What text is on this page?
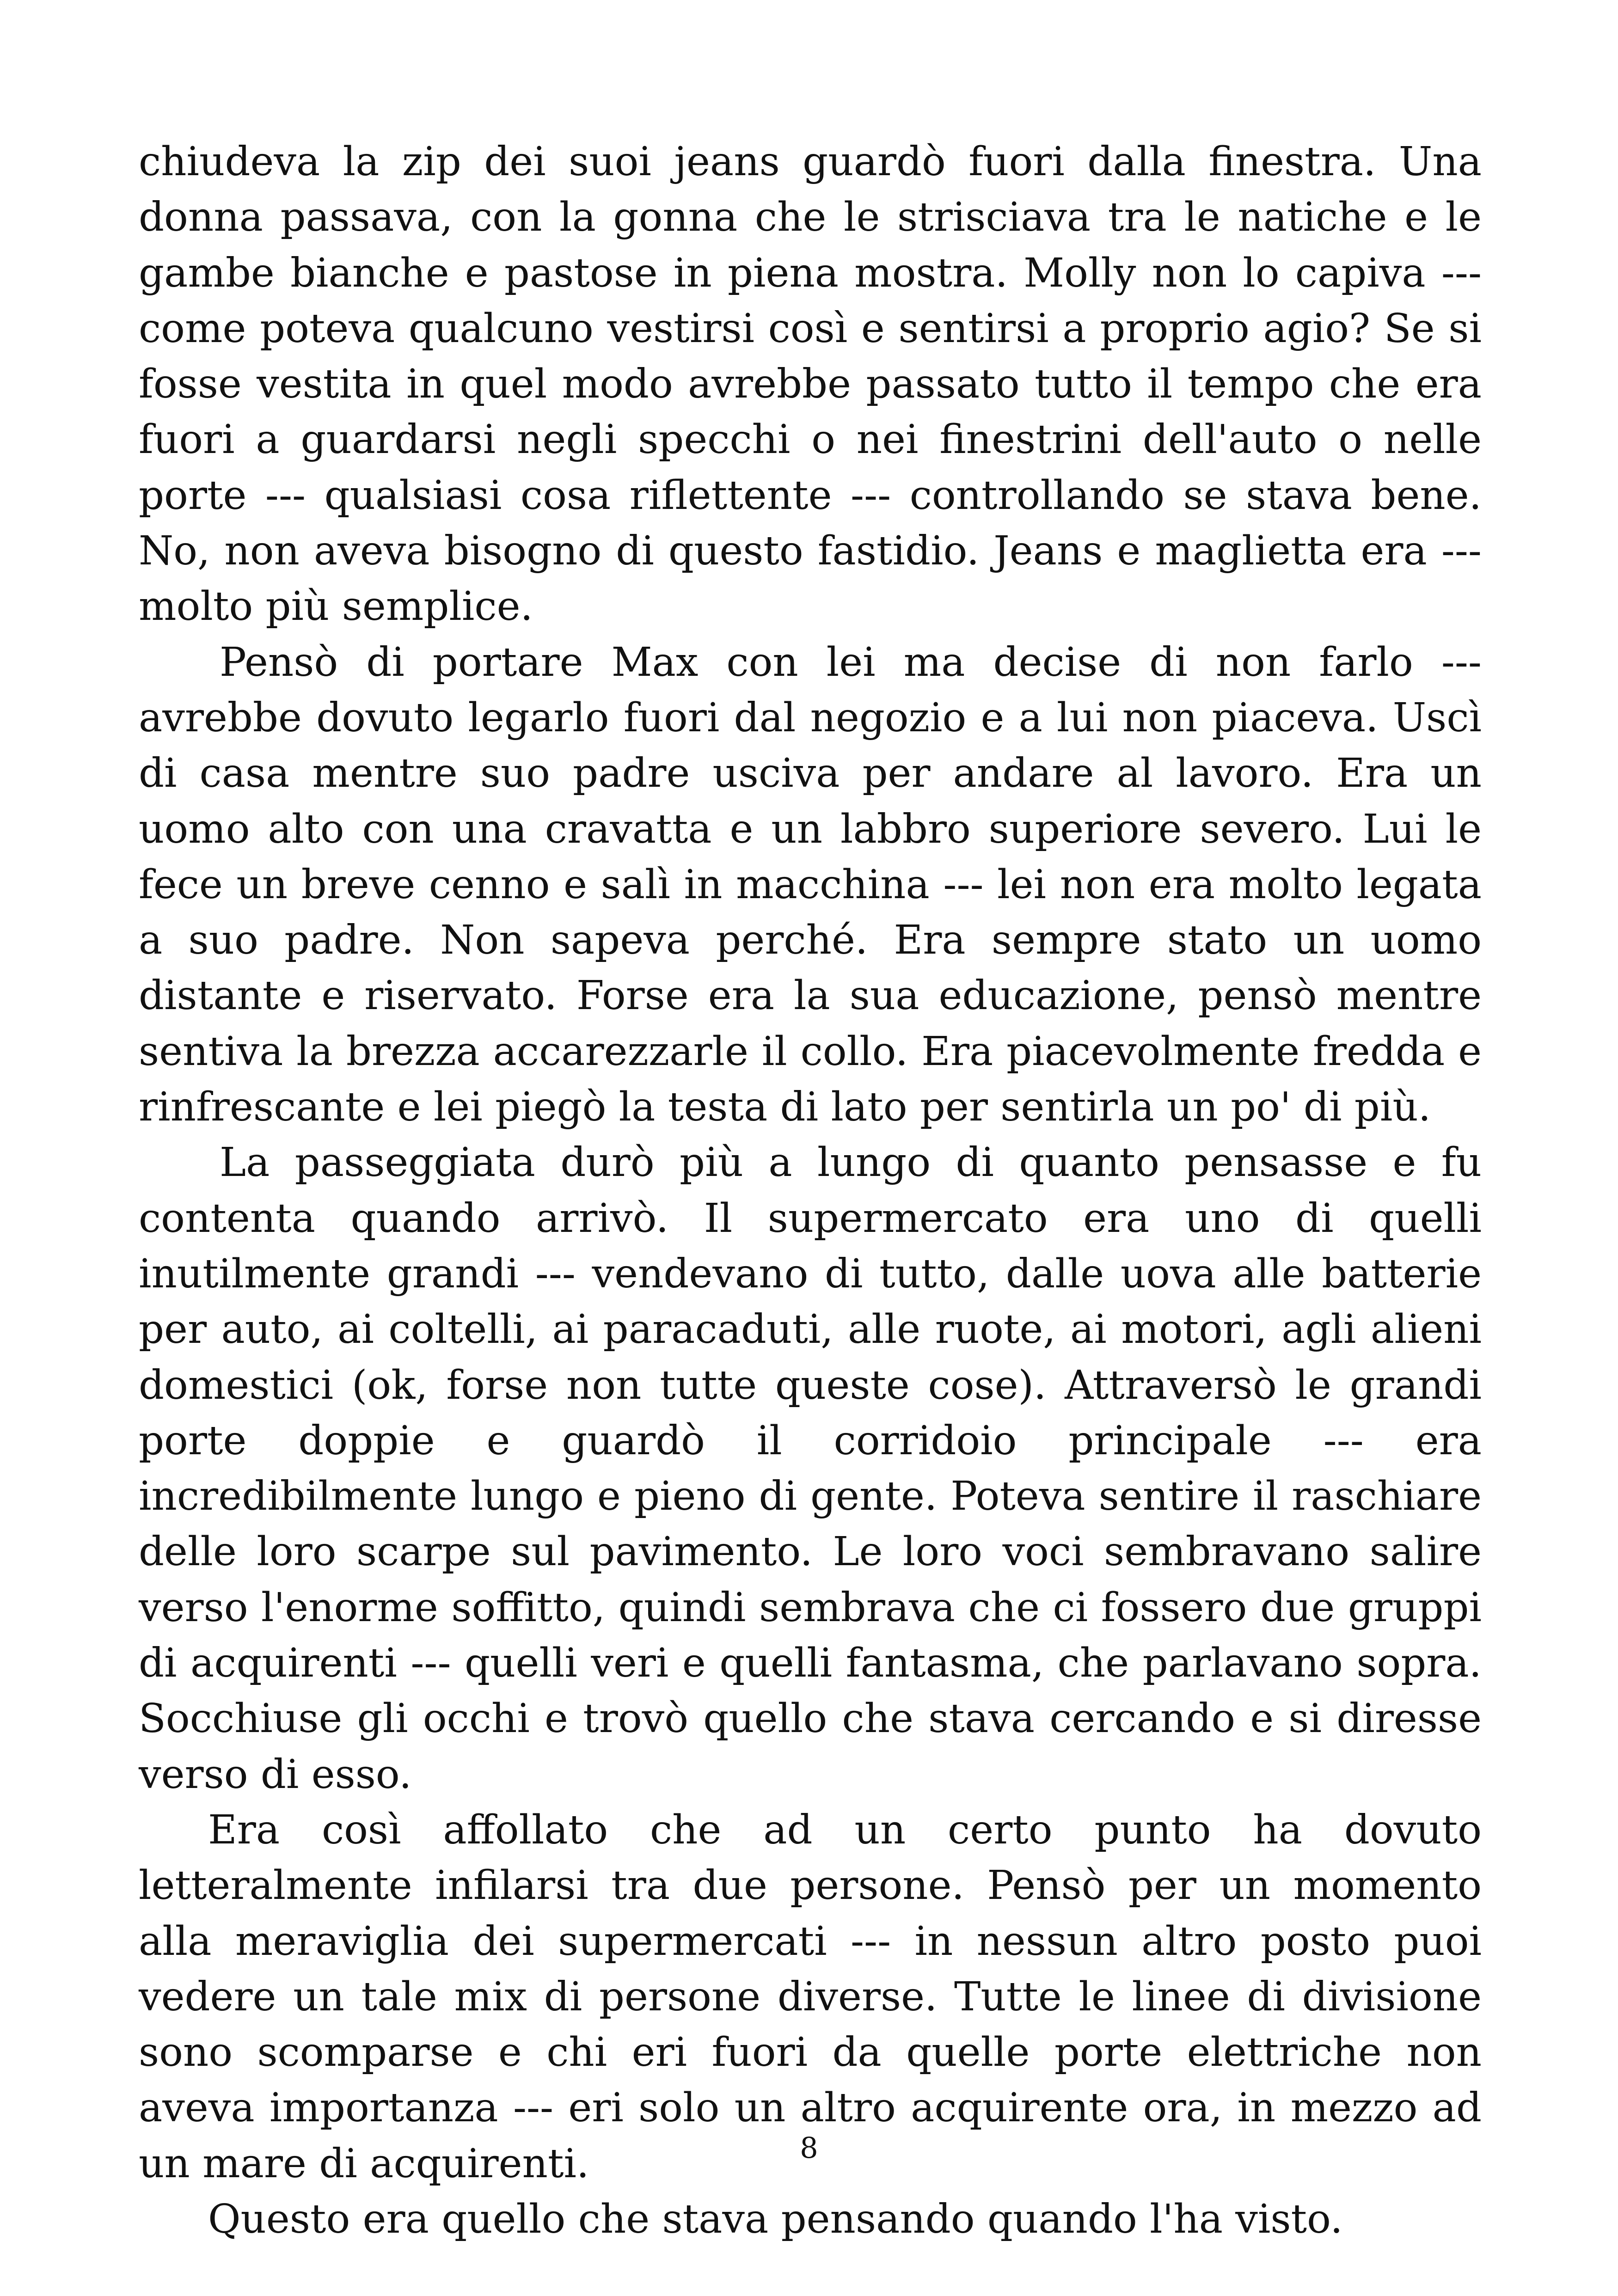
chiudeva la zip dei suoi jeans guardò fuori dalla finestra. Una donna passava, con la gonna che le strisciava tra le natiche e le gambe bianche e pastose in piena mostra. Molly non lo capiva --- come poteva qualcuno vestirsi così e sentirsi a proprio agio? Se si fosse vestita in quel modo avrebbe passato tutto il tempo che era fuori a guardarsi negli specchi o nei finestrini dell'auto o nelle porte --- qualsiasi cosa riflettente --- controllando se stava bene. No, non aveva bisogno di questo fastidio. Jeans e maglietta era --- molto più semplice.

Pensò di portare Max con lei ma decise di non farlo --- avrebbe dovuto legarlo fuori dal negozio e a lui non piaceva. Uscì di casa mentre suo padre usciva per andare al lavoro. Era un uomo alto con una cravatta e un labbro superiore severo. Lui le fece un breve cenno e salì in macchina --- lei non era molto legata a suo padre. Non sapeva perché. Era sempre stato un uomo distante e riservato. Forse era la sua educazione, pensò mentre sentiva la brezza accarezzarle il collo. Era piacevolmente fredda e rinfrescante e lei piegò la testa di lato per sentirla un po' di più.

La passeggiata durò più a lungo di quanto pensasse e fu contenta quando arrivò. Il supermercato era uno di quelli inutilmente grandi --- vendevano di tutto, dalle uova alle batterie per auto, ai coltelli, ai paracaduti, alle ruote, ai motori, agli alieni domestici (ok, forse non tutte queste cose). Attraversò le grandi porte doppie e guardò il corridoio principale --- era incredibilmente lungo e pieno di gente. Poteva sentire il raschiare delle loro scarpe sul pavimento. Le loro voci sembravano salire verso l'enorme soffitto, quindi sembrava che ci fossero due gruppi di acquirenti --- quelli veri e quelli fantasma, che parlavano sopra. Socchiuse gli occhi e trovò quello che stava cercando e si diresse verso di esso.

Era così affollato che ad un certo punto ha dovuto letteralmente infilarsi tra due persone. Pensò per un momento alla meraviglia dei supermercati --- in nessun altro posto puoi vedere un tale mix di persone diverse. Tutte le linee di divisione sono scomparse e chi eri fuori da quelle porte elettriche non aveva importanza --- eri solo un altro acquirente ora, in mezzo ad un mare di acquirenti.

Questo era quello che stava pensando quando l'ha visto.

8
